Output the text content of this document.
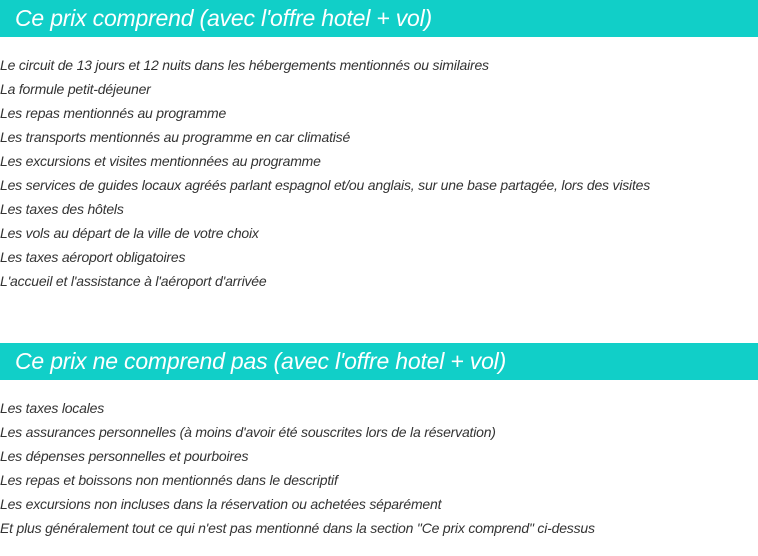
Ce prix comprend (avec l'offre hotel + vol)
Le circuit de 13 jours et 12 nuits dans les hébergements mentionnés ou similaires
La formule petit-déjeuner
Les repas mentionnés au programme
Les transports mentionnés au programme en car climatisé
Les excursions et visites mentionnées au programme
Les services de guides locaux agréés parlant espagnol et/ou anglais, sur une base partagée, lors des visites
Les taxes des hôtels
Les vols au départ de la ville de votre choix
Les taxes aéroport obligatoires
L'accueil et l'assistance à l'aéroport d'arrivée
Ce prix ne comprend pas (avec l'offre hotel + vol)
Les taxes locales
Les assurances personnelles (à moins d'avoir été souscrites lors de la réservation)
Les dépenses personnelles et pourboires
Les repas et boissons non mentionnés dans le descriptif
Les excursions non incluses dans la réservation ou achetées séparément
Et plus généralement tout ce qui n'est pas mentionné dans la section "Ce prix comprend" ci-dessus
